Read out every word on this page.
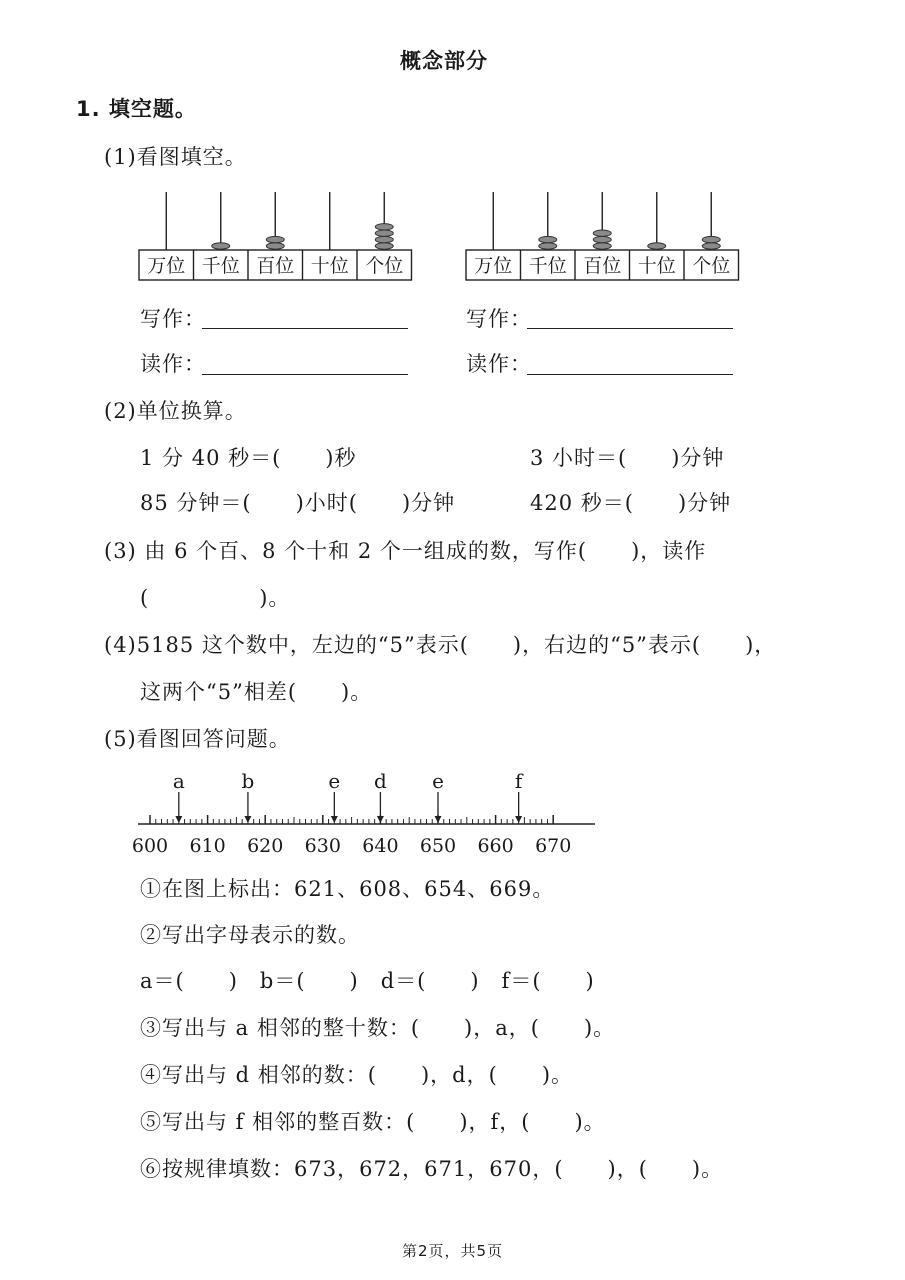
概念部分
1. 填空题。
(1)看图填空。
万位 千位 百位 十位 个位	万位 千位 百位 十位 个位
写作：	写作：
读作：	读作：
(2)单位换算。
1 分 40 秒＝(　　)秒	3 小时＝(　　)分钟
85 分钟＝(　　)小时(　　)分钟	420 秒＝(　　)分钟
(3) 由 6 个百、8 个十和 2 个一组成的数，写作(　　)，读作
(　　　　　)。
(4)5185 这个数中，左边的“5”表示(　　)，右边的“5”表示(　　)，
这两个“5”相差(　　)。
(5)看图回答问题。
600 610 620 630 640 650 660 670
a	b	e d e	f
①在图上标出：621、608、654、669。
②写出字母表示的数。
a＝(　　)　b＝(　　)　d＝(　　)　f＝(　　)
③写出与 a 相邻的整十数：(　　)，a，(　　)。
④写出与 d 相邻的数：(　　)，d，(　　)。
⑤写出与 f 相邻的整百数：(　　)，f，(　　)。
⑥按规律填数：673，672，671，670，(　　)，(　　)。
第2页，共5页
